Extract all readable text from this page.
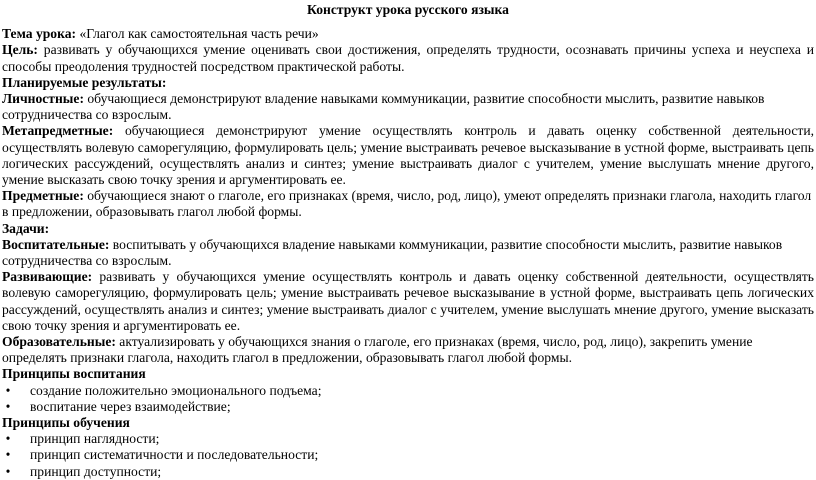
Конструкт урока русского языка

Тема урока: «Глагол как самостоятельная часть речи»

Цель: развивать у обучающихся умение оценивать свои достижения, определять трудности, осознавать причины успеха и неуспеха и способы преодоления трудностей посредством практической работы.

Планируемые результаты:

Личностные: обучающиеся демонстрируют владение навыками коммуникации, развитие способности мыслить, развитие навыков сотрудничества со взрослым.

Метапредметные: обучающиеся демонстрируют умение осуществлять контроль и давать оценку собственной деятельности, осуществлять волевую саморегуляцию, формулировать цель; умение выстраивать речевое высказывание в устной форме, выстраивать цепь логических рассуждений, осуществлять анализ и синтез; умение выстраивать диалог с учителем, умение выслушать мнение другого, умение высказать свою точку зрения и аргументировать ее.

Предметные: обучающиеся знают о глаголе, его признаках (время, число, род, лицо), умеют определять признаки глагола, находить глагол в предложении, образовывать глагол любой формы.

Задачи:

Воспитательные: воспитывать у обучающихся владение навыками коммуникации, развитие способности мыслить, развитие навыков сотрудничества со взрослым.

Развивающие: развивать у обучающихся умение осуществлять контроль и давать оценку собственной деятельности, осуществлять волевую саморегуляцию, формулировать цель; умение выстраивать речевое высказывание в устной форме, выстраивать цепь логических рассуждений, осуществлять анализ и синтез; умение выстраивать диалог с учителем, умение выслушать мнение другого, умение высказать свою точку зрения и аргументировать ее.

Образовательные: актуализировать у обучающихся знания о глаголе, его признаках (время, число, род, лицо), закрепить умение определять признаки глагола, находить глагол в предложении, образовывать глагол любой формы.

Принципы воспитания

• создание положительно эмоционального подъема;
• воспитание через взаимодействие;

Принципы обучения

• принцип наглядности;
• принцип систематичности и последовательности;
• принцип доступности;
